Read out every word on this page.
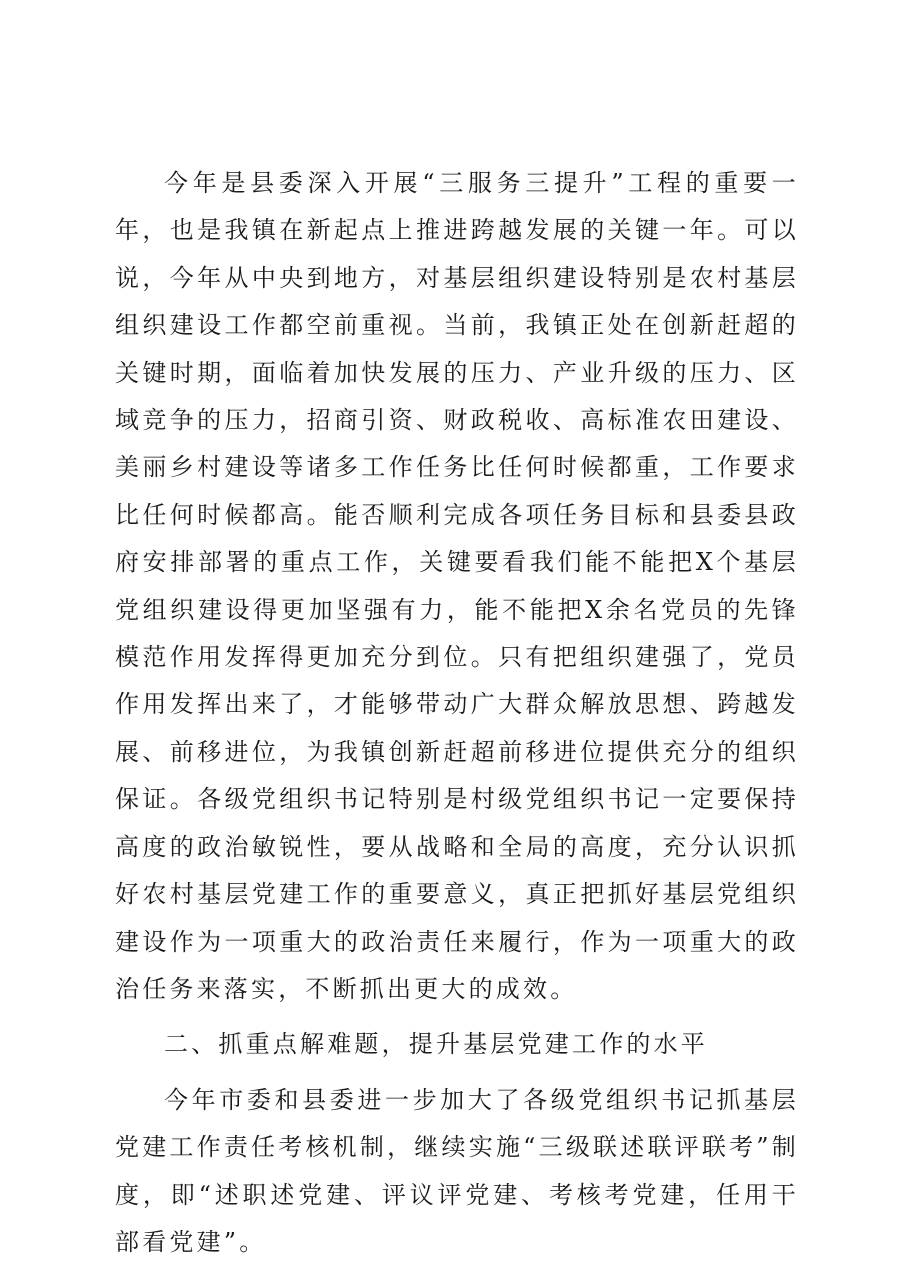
今年是县委深入开展“三服务三提升”工程的重要一年，也是我镇在新起点上推进跨越发展的关键一年。可以说，今年从中央到地方，对基层组织建设特别是农村基层组织建设工作都空前重视。当前，我镇正处在创新赶超的关键时期，面临着加快发展的压力、产业升级的压力、区域竞争的压力，招商引资、财政税收、高标准农田建设、美丽乡村建设等诸多工作任务比任何时候都重，工作要求比任何时候都高。能否顺利完成各项任务目标和县委县政府安排部署的重点工作，关键要看我们能不能把X个基层党组织建设得更加坚强有力，能不能把X余名党员的先锋模范作用发挥得更加充分到位。只有把组织建强了，党员作用发挥出来了，才能够带动广大群众解放思想、跨越发展、前移进位，为我镇创新赶超前移进位提供充分的组织保证。各级党组织书记特别是村级党组织书记一定要保持高度的政治敏锐性，要从战略和全局的高度，充分认识抓好农村基层党建工作的重要意义，真正把抓好基层党组织建设作为一项重大的政治责任来履行，作为一项重大的政治任务来落实，不断抓出更大的成效。

二、抓重点解难题，提升基层党建工作的水平

今年市委和县委进一步加大了各级党组织书记抓基层党建工作责任考核机制，继续实施“三级联述联评联考”制度，即“述职述党建、评议评党建、考核考党建，任用干部看党建”。
